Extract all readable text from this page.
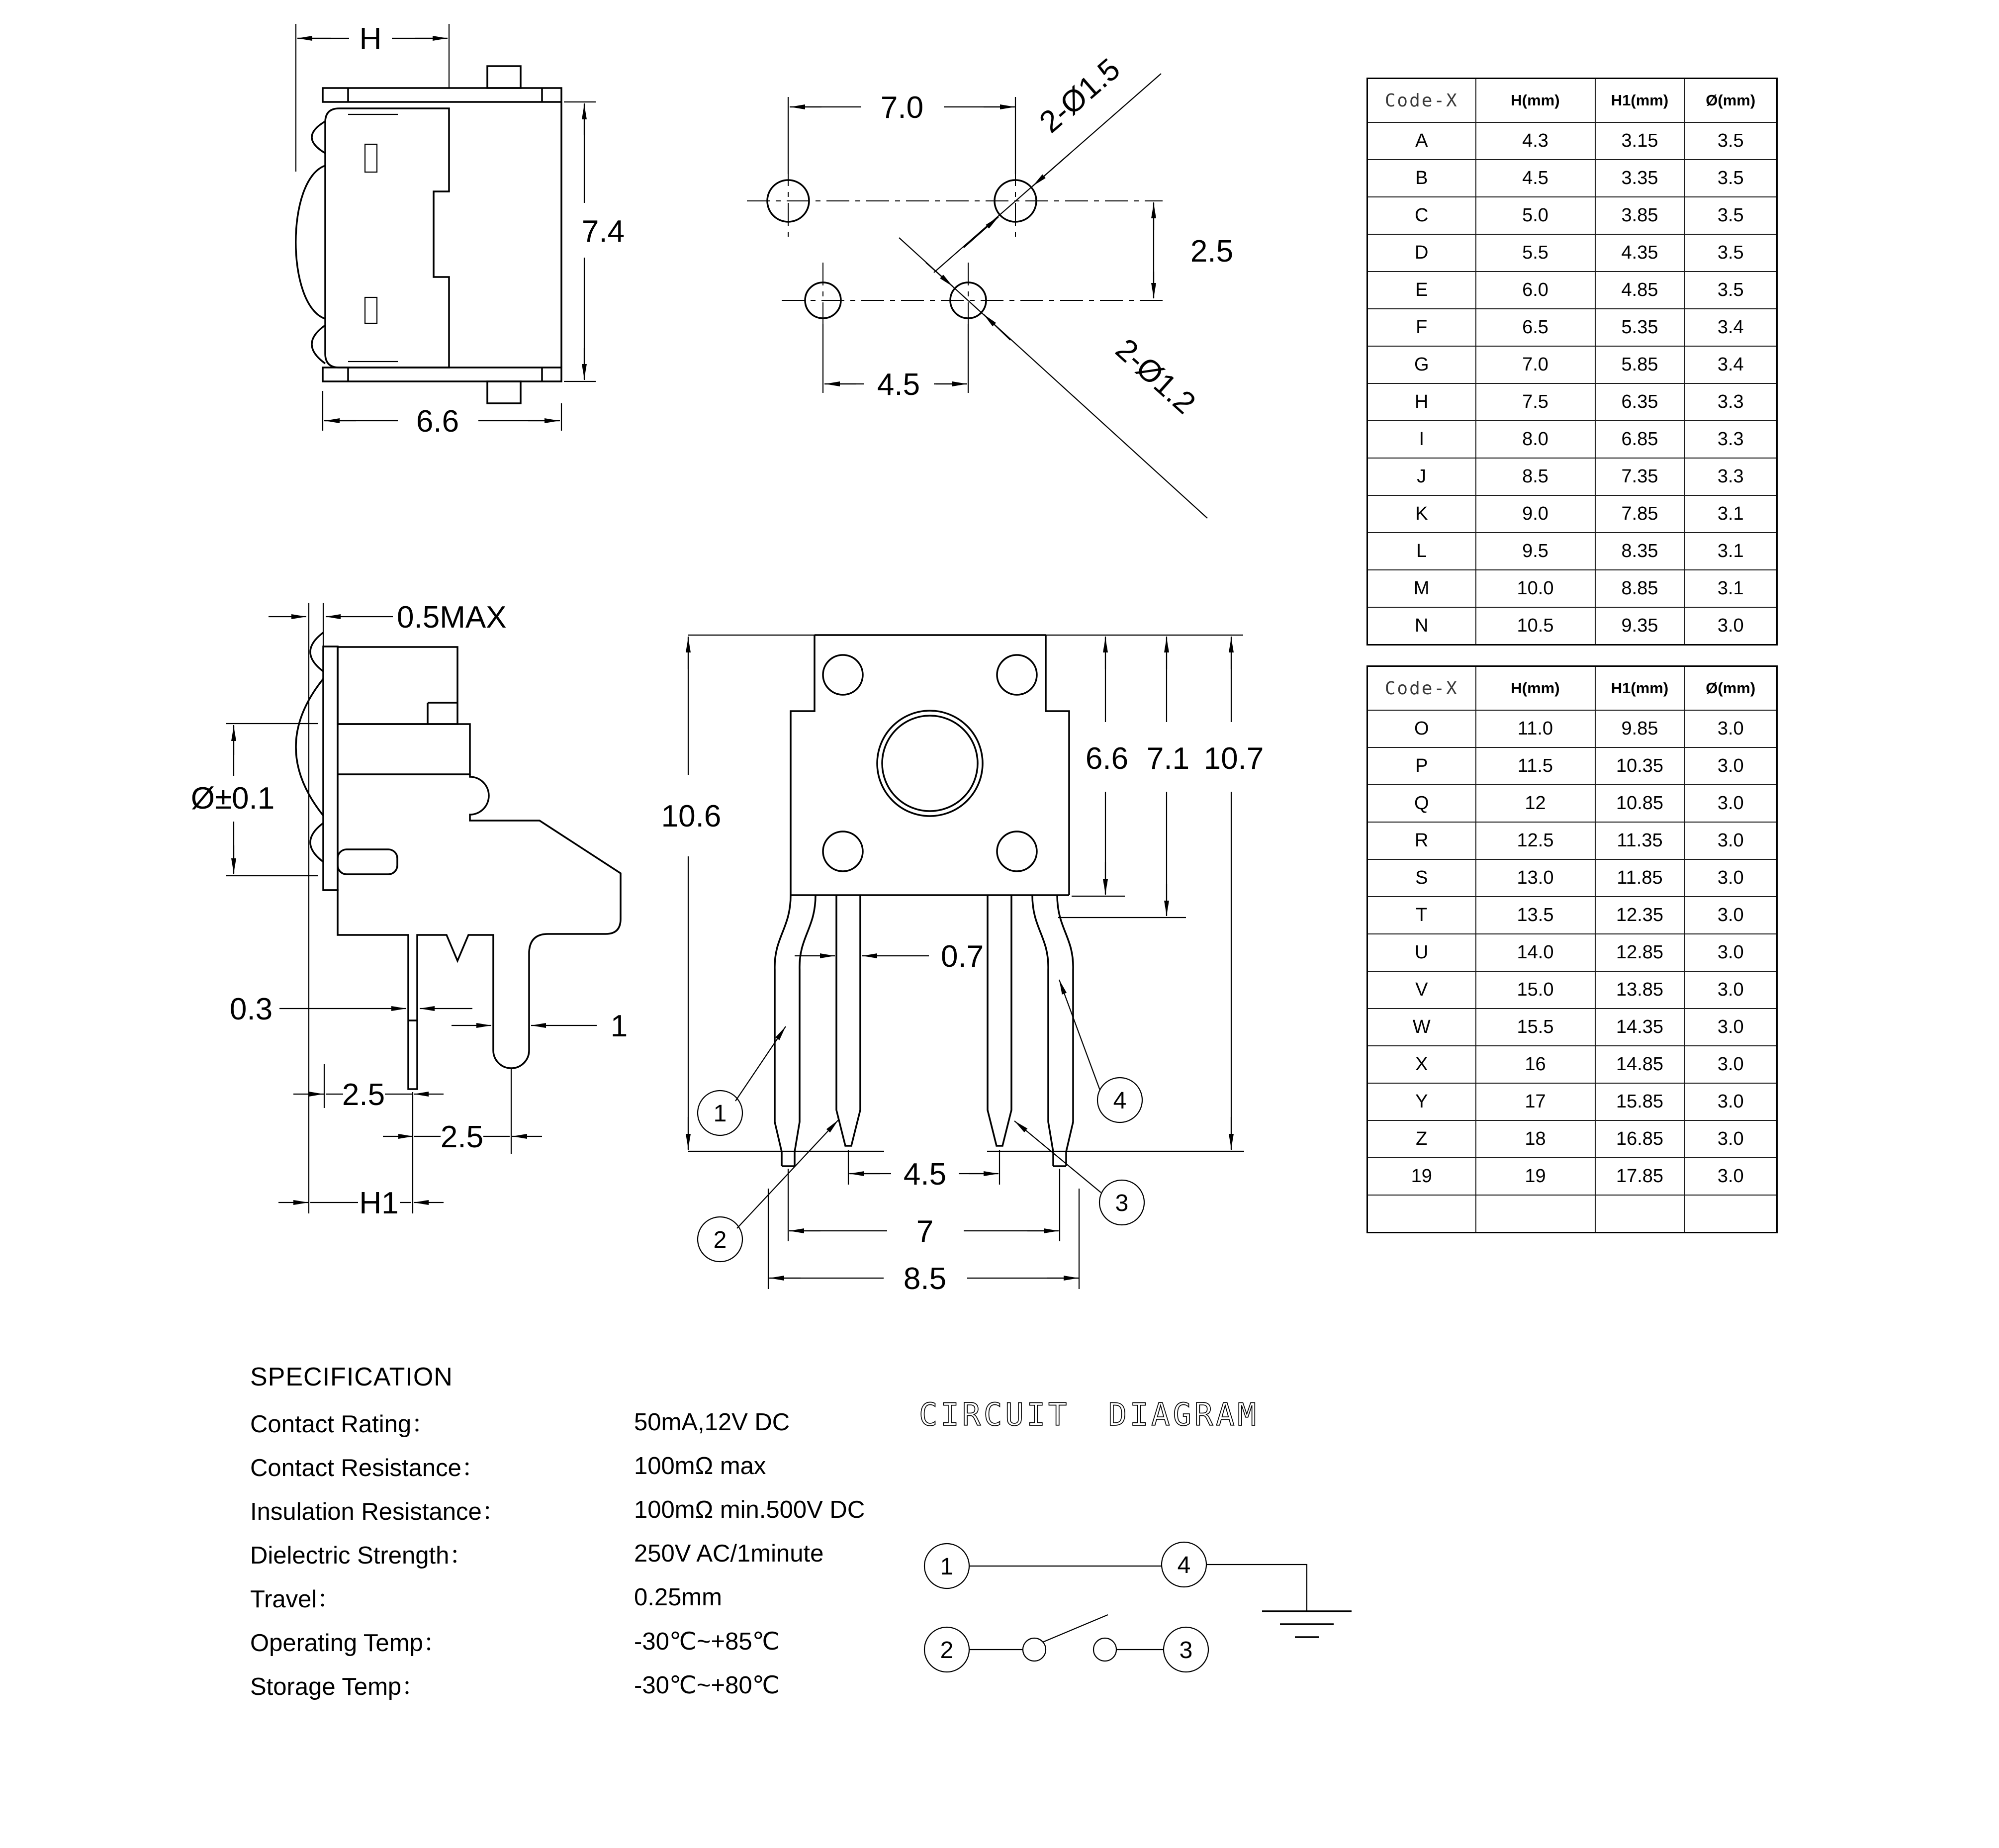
H
7.4
6.6
7.0
2.5
4.5
2-Ø1.5
2-Ø1.2
0.5MAX
Ø±0.1
0.3	1
2.5
2.5
H1
10.6
0.7
6.6 7.1 10.7
4.5
7
8.5
1
2
3
4
Code-X	H(mm)	H1(mm)	Ø(mm)
A	4.3	3.15	3.5
B	4.5	3.35	3.5
C	5.0	3.85	3.5
D	5.5	4.35	3.5
E	6.0	4.85	3.5
F	6.5	5.35	3.4
G	7.0	5.85	3.4
H	7.5	6.35	3.3
I	8.0	6.85	3.3
J	8.5	7.35	3.3
K	9.0	7.85	3.1
L	9.5	8.35	3.1
M	10.0	8.85	3.1
N	10.5	9.35	3.0
Code-X	H(mm)	H1(mm)	Ø(mm)
O	11.0	9.85	3.0
P	11.5	10.35	3.0
Q	12	10.85	3.0
R	12.5	11.35	3.0
S	13.0	11.85	3.0
T	13.5	12.35	3.0
U	14.0	12.85	3.0
V	15.0	13.85	3.0
W	15.5	14.35	3.0
X	16	14.85	3.0
Y	17	15.85	3.0
Z	18	16.85	3.0
19	19	17.85	3.0

SPECIFICATION
Contact Rating：	50mA,12V DC
Contact Resistance：	100mΩ max
Insulation Resistance：	100mΩ min.500V DC
Dielectric Strength：	250V AC/1minute
Travel：	0.25mm
Operating Temp：	-30℃~+85℃
Storage Temp：	-30℃~+80℃
CIRCUIT DIAGRAM
1	4
2	3
